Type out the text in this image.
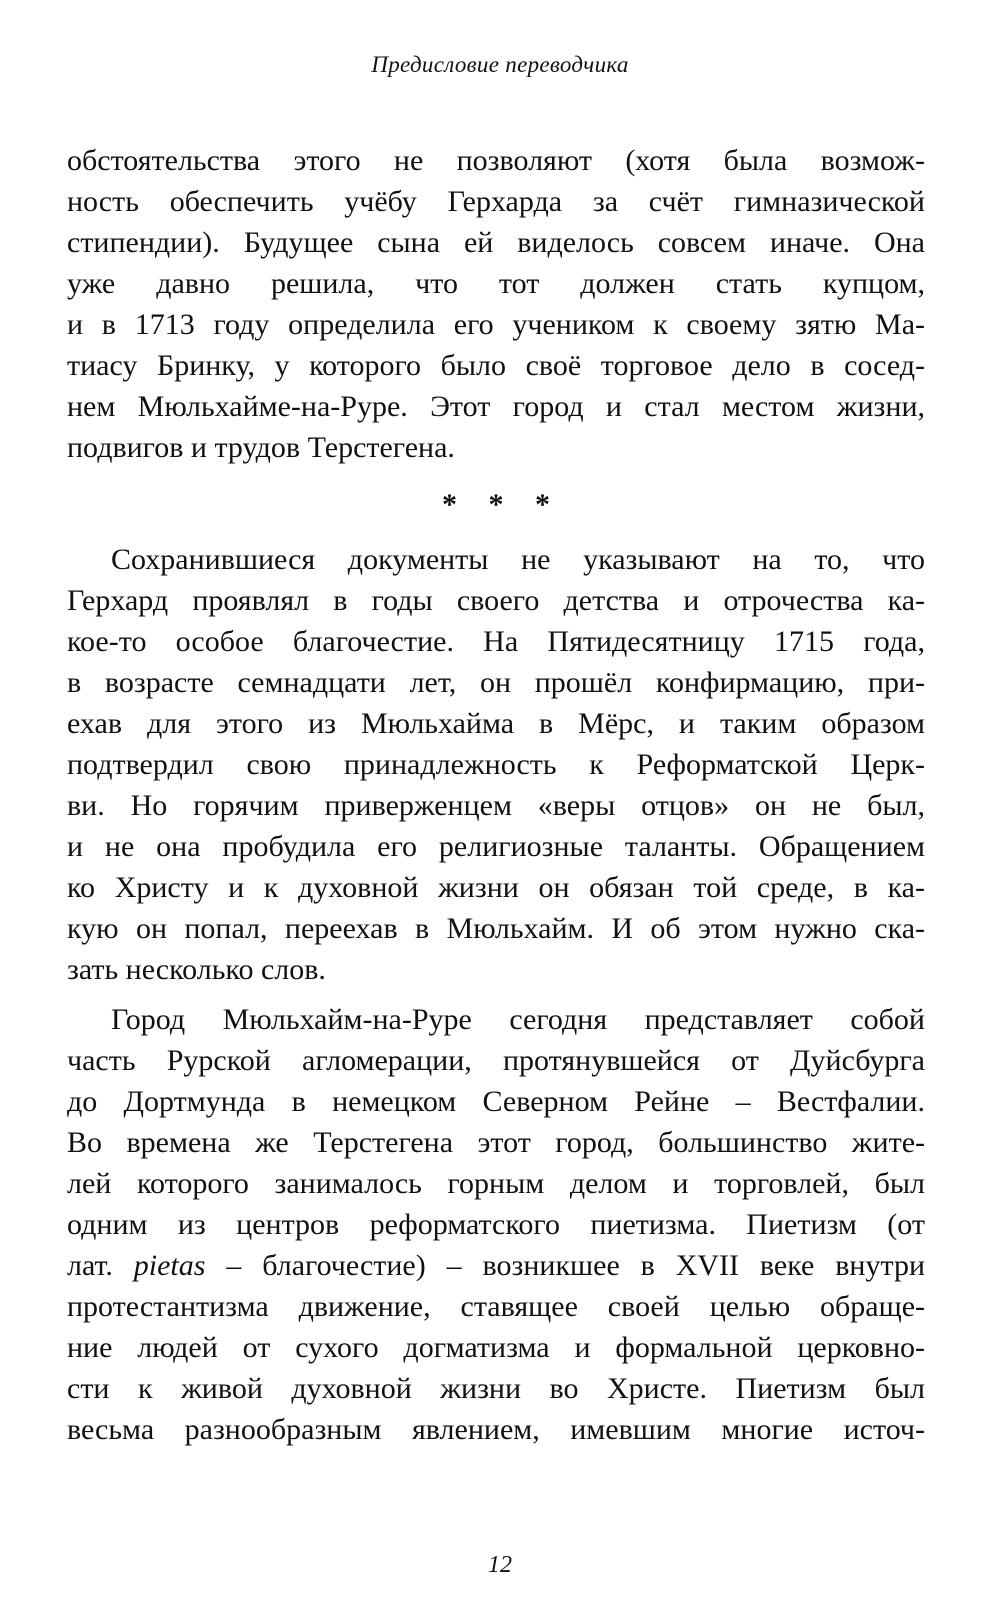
Предисловие переводчика
обстоятельства этого не позволяют (хотя была возмож-
ность обеспечить учёбу Герхарда за счёт гимназической
стипендии). Будущее сына ей виделось совсем иначе. Она
уже давно решила, что тот должен стать купцом,
и в 1713 году определила его учеником к своему зятю Ма-
тиасу Бринку, у которого было своё торговое дело в сосед-
нем Мюльхайме-на-Руре. Этот город и стал местом жизни,
подвигов и трудов Терстегена.
* * *
Сохранившиеся документы не указывают на то, что
Герхард проявлял в годы своего детства и отрочества ка-
кое-то особое благочестие. На Пятидесятницу 1715 года,
в возрасте семнадцати лет, он прошёл конфирмацию, при-
ехав для этого из Мюльхайма в Мёрс, и таким образом
подтвердил свою принадлежность к Реформатской Церк-
ви. Но горячим приверженцем «веры отцов» он не был,
и не она пробудила его религиозные таланты. Обращением
ко Христу и к духовной жизни он обязан той среде, в ка-
кую он попал, переехав в Мюльхайм. И об этом нужно ска-
зать несколько слов.
Город Мюльхайм-на-Руре сегодня представляет собой
часть Рурской агломерации, протянувшейся от Дуйсбурга
до Дортмунда в немецком Северном Рейне – Вестфалии.
Во времена же Терстегена этот город, большинство жите-
лей которого занималось горным делом и торговлей, был
одним из центров реформатского пиетизма. Пиетизм (от
лат. pietas – благочестие) – возникшее в XVII веке внутри
протестантизма движение, ставящее своей целью обраще-
ние людей от сухого догматизма и формальной церковно-
сти к живой духовной жизни во Христе. Пиетизм был
весьма разнообразным явлением, имевшим многие источ-
12
